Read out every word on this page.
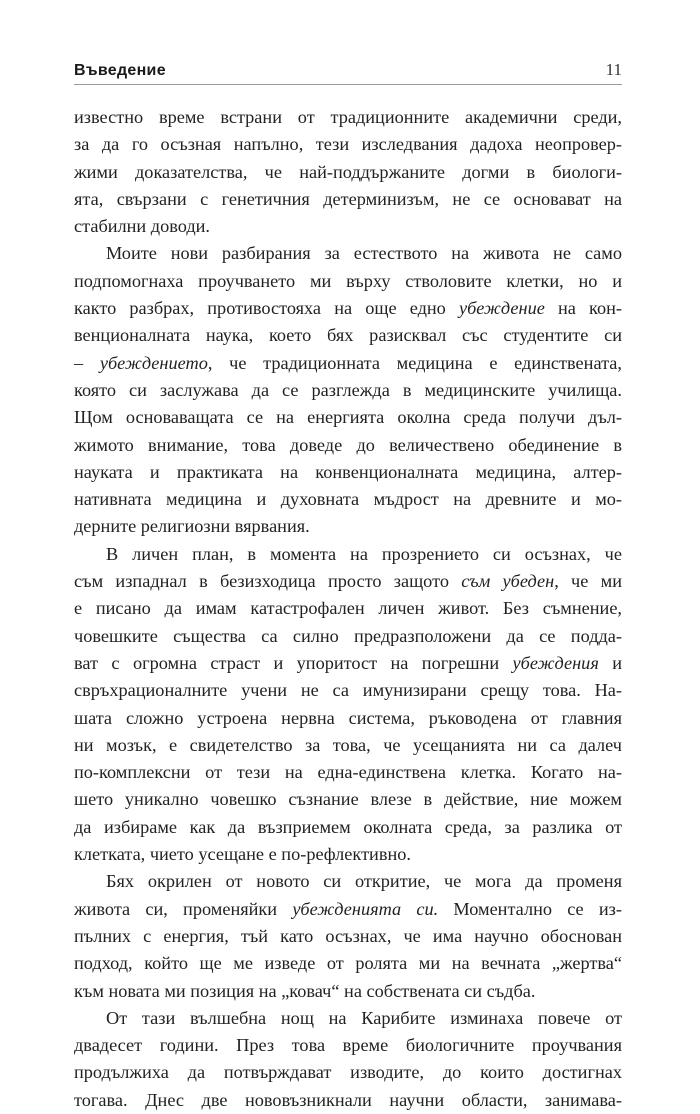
Въведение	11
известно време встрани от традиционните академични среди,
за да го осъзная напълно, тези изследвания дадоха неопровер-
жими доказателства, че най-поддържаните догми в биологи-
ята, свързани с генетичния детерминизъм, не се основават на
стабилни доводи.
Моите нови разбирания за естеството на живота не само
подпомогнаха проучването ми върху стволовите клетки, но и
както разбрах, противостояха на още едно убеждение на кон-
венционалната наука, което бях разисквал със студентите си
– убеждението, че традиционната медицина е единствената,
която си заслужава да се разглежда в медицинските училища.
Щом основаващата се на енергията околна среда получи дъл-
жимото внимание, това доведе до величествено обединение в
науката и практиката на конвенционалната медицина, алтер-
нативната медицина и духовната мъдрост на древните и мо-
дерните религиозни вярвания.
В личен план, в момента на прозрението си осъзнах, че
съм изпаднал в безизходица просто защото съм убеден, че ми
е писано да имам катастрофален личен живот. Без съмнение,
човешките същества са силно предразположени да се поддa-
ват с огромна страст и упоритост на погрешни убеждения и
свръхрационалните учени не са имунизирани срещу това. На-
шата сложно устроена нервна система, ръководена от главния
ни мозък, е свидетелство за това, че усещанията ни са далеч
по-комплексни от тези на една-единствена клетка. Когато на-
шето уникално човешко съзнание влезе в действие, ние можем
да избираме как да възприемем околната среда, за разлика от
клетката, чието усещане е по-рефлективно.
Бях окрилен от новото си откритие, че мога да променя
живота си, променяйки убежденията си. Моментално се из-
пълних с енергия, тъй като осъзнах, че има научно обоснован
подход, който ще ме изведе от ролята ми на вечната „жертва“
към новата ми позиция на „ковач“ на собствената си съдба.
От тази вълшебна нощ на Карибите изминаха повече от
двадесет години. През това време биологичните проучвания
продължиха да потвърждават изводите, до които достигнах
тогава. Днес две нововъзникнали научни области, занимава-
